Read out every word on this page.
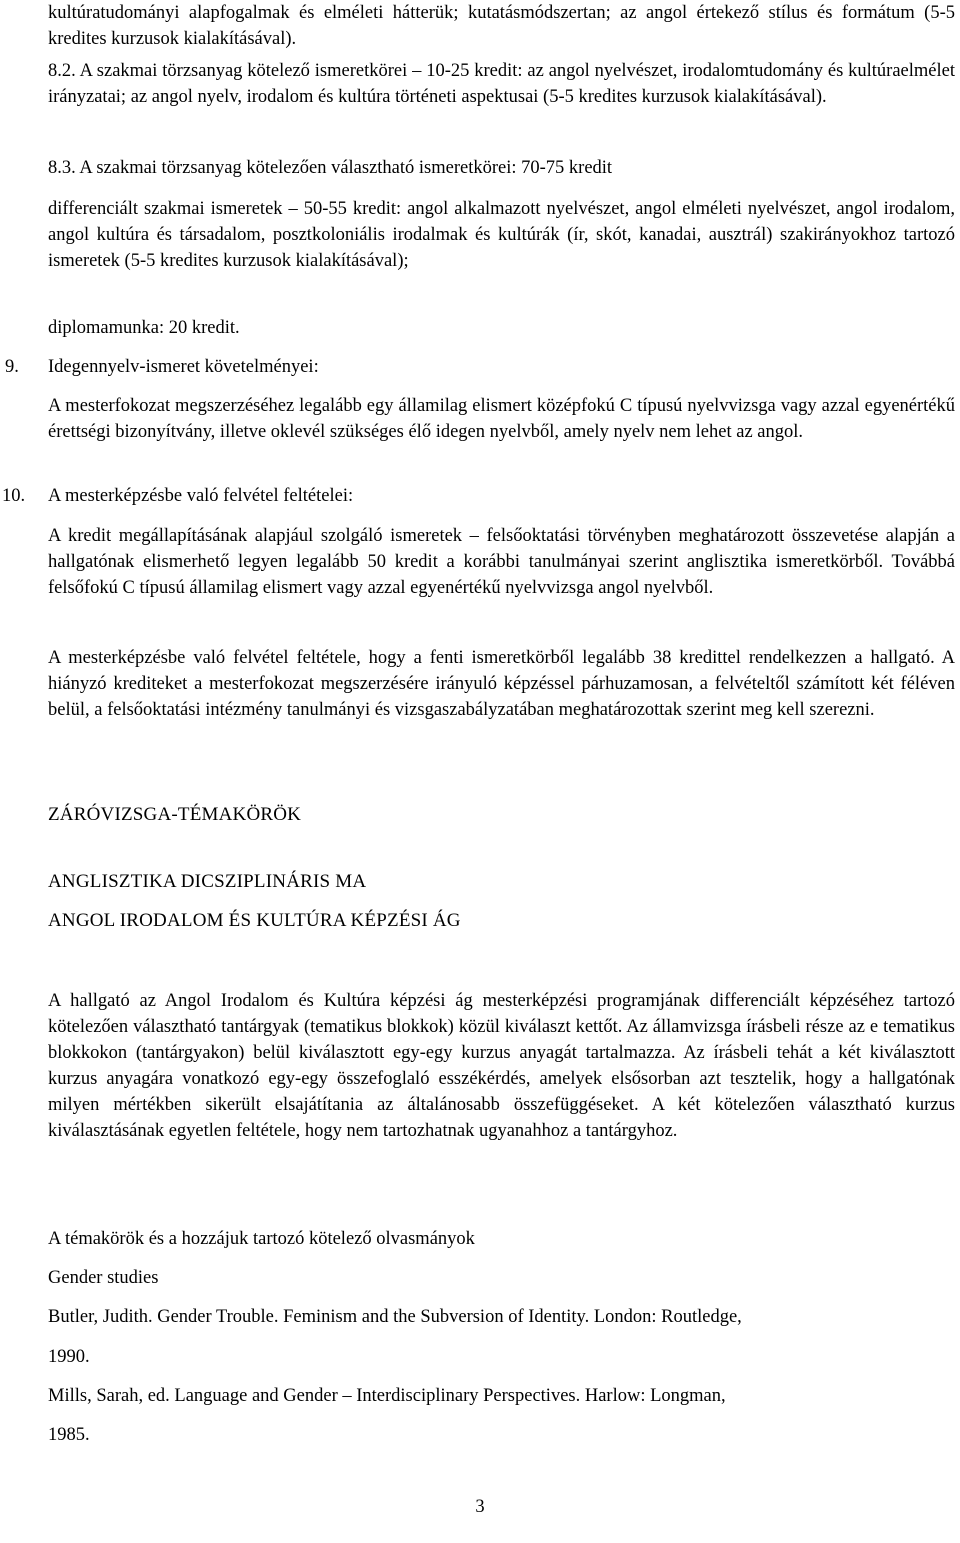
kultúratudományi alapfogalmak és elméleti hátterük; kutatásmódszertan; az angol értekező stílus és formátum (5-5 kredites kurzusok kialakításával).

8.2. A szakmai törzsanyag kötelező ismeretkörei – 10-25 kredit: az angol nyelvészet, irodalomtudomány és kultúraelmélet irányzatai; az angol nyelv, irodalom és kultúra történeti aspektusai (5-5 kredites kurzusok kialakításával).

8.3. A szakmai törzsanyag kötelezően választható ismeretkörei: 70-75 kredit

differenciált szakmai ismeretek – 50-55 kredit: angol alkalmazott nyelvészet, angol elméleti nyelvészet, angol irodalom, angol kultúra és társadalom, posztkoloniális irodalmak és kultúrák (ír, skót, kanadai, ausztrál) szakirányokhoz tartozó ismeretek (5-5 kredites kurzusok kialakításával);

diplomamunka: 20 kredit.

9. Idegennyelv-ismeret követelményei:

A mesterfokozat megszerzéséhez legalább egy államilag elismert középfokú C típusú nyelvvizsga vagy azzal egyenértékű érettségi bizonyítvány, illetve oklevél szükséges élő idegen nyelvből, amely nyelv nem lehet az angol.

10. A mesterképzésbe való felvétel feltételei:

A kredit megállapításának alapjául szolgáló ismeretek – felsőoktatási törvényben meghatározott összevetése alapján a hallgatónak elismerhető legyen legalább 50 kredit a korábbi tanulmányai szerint anglisztika ismeretkörből. Továbbá felsőfokú C típusú államilag elismert vagy azzal egyenértékű nyelvvizsga angol nyelvből.

A mesterképzésbe való felvétel feltétele, hogy a fenti ismeretkörből legalább 38 kredittel rendelkezzen a hallgató. A hiányzó krediteket a mesterfokozat megszerzésére irányuló képzéssel párhuzamosan, a felvételtől számított két féléven belül, a felsőoktatási intézmény tanulmányi és vizsgaszabályzatában meghatározottak szerint meg kell szerezni.

ZÁRÓVIZSGA-TÉMAKÖRÖK

ANGLISZTIKA DICSZIPLINÁRIS MA

ANGOL IRODALOM ÉS KULTÚRA KÉPZÉSI ÁG

A hallgató az Angol Irodalom és Kultúra képzési ág mesterképzési programjának differenciált képzéséhez tartozó kötelezően választható tantárgyak (tematikus blokkok) közül kiválaszt kettőt. Az államvizsga írásbeli része az e tematikus blokkokon (tantárgyakon) belül kiválasztott egy-egy kurzus anyagát tartalmazza. Az írásbeli tehát a két kiválasztott kurzus anyagára vonatkozó egy-egy összefoglaló esszékérdés, amelyek elsősorban azt tesztelik, hogy a hallgatónak milyen mértékben sikerült elsajátítania az általánosabb összefüggéseket. A két kötelezően választható kurzus kiválasztásának egyetlen feltétele, hogy nem tartozhatnak ugyanahhoz a tantárgyhoz.

A témakörök és a hozzájuk tartozó kötelező olvasmányok

Gender studies

Butler, Judith. Gender Trouble. Feminism and the Subversion of Identity. London: Routledge,

1990.

Mills, Sarah, ed. Language and Gender – Interdisciplinary Perspectives. Harlow: Longman,

1985.

3
